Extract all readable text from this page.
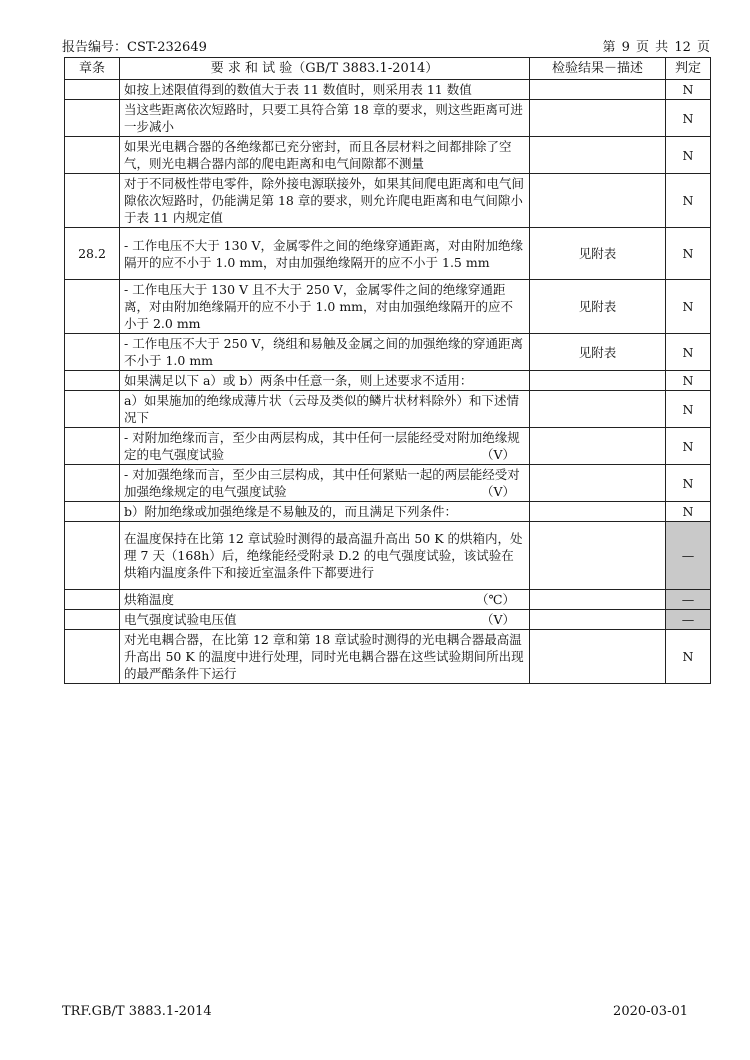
报告编号：CST-232649	第 9 页 共 12 页
章条	要 求 和 试 验（GB/T 3883.1-2014）	检验结果－描述	判定
	如按上述限值得到的数值大于表 11 数值时，则采用表 11 数值		N
	当这些距离依次短路时，只要工具符合第 18 章的要求，则这些距离可进一步减小		N
	如果光电耦合器的各绝缘都已充分密封，而且各层材料之间都排除了空气，则光电耦合器内部的爬电距离和电气间隙都不测量		N
	对于不同极性带电零件，除外接电源联接外，如果其间爬电距离和电气间隙依次短路时，仍能满足第 18 章的要求，则允许爬电距离和电气间隙小于表 11 内规定值		N
28.2	- 工作电压不大于 130 V，金属零件之间的绝缘穿通距离，对由附加绝缘隔开的应不小于 1.0 mm，对由加强绝缘隔开的应不小于 1.5 mm	见附表	N
	- 工作电压大于 130 V 且不大于 250 V，金属零件之间的绝缘穿通距离，对由附加绝缘隔开的应不小于 1.0 mm，对由加强绝缘隔开的应不小于 2.0 mm	见附表	N
	- 工作电压不大于 250 V，绕组和易触及金属之间的加强绝缘的穿通距离不小于 1.0 mm	见附表	N
	如果满足以下 a）或 b）两条中任意一条，则上述要求不适用：		N
	a）如果施加的绝缘成薄片状（云母及类似的鳞片状材料除外）和下述情况下		N
	- 对附加绝缘而言，至少由两层构成，其中任何一层能经受对附加绝缘规定的电气强度试验 （V）		N
	- 对加强绝缘而言，至少由三层构成，其中任何紧贴一起的两层能经受对加强绝缘规定的电气强度试验 （V）		N
	b）附加绝缘或加强绝缘是不易触及的，而且满足下列条件：		N
	在温度保持在比第 12 章试验时测得的最高温升高出 50 K 的烘箱内，处理 7 天（168h）后，绝缘能经受附录 D.2 的电气强度试验，该试验在烘箱内温度条件下和接近室温条件下都要进行		—
	烘箱温度 （℃）		—
	电气强度试验电压值 （V）		—
	对光电耦合器，在比第 12 章和第 18 章试验时测得的光电耦合器最高温升高出 50 K 的温度中进行处理，同时光电耦合器在这些试验期间所出现的最严酷条件下运行		N
TRF.GB/T 3883.1-2014	2020-03-01
